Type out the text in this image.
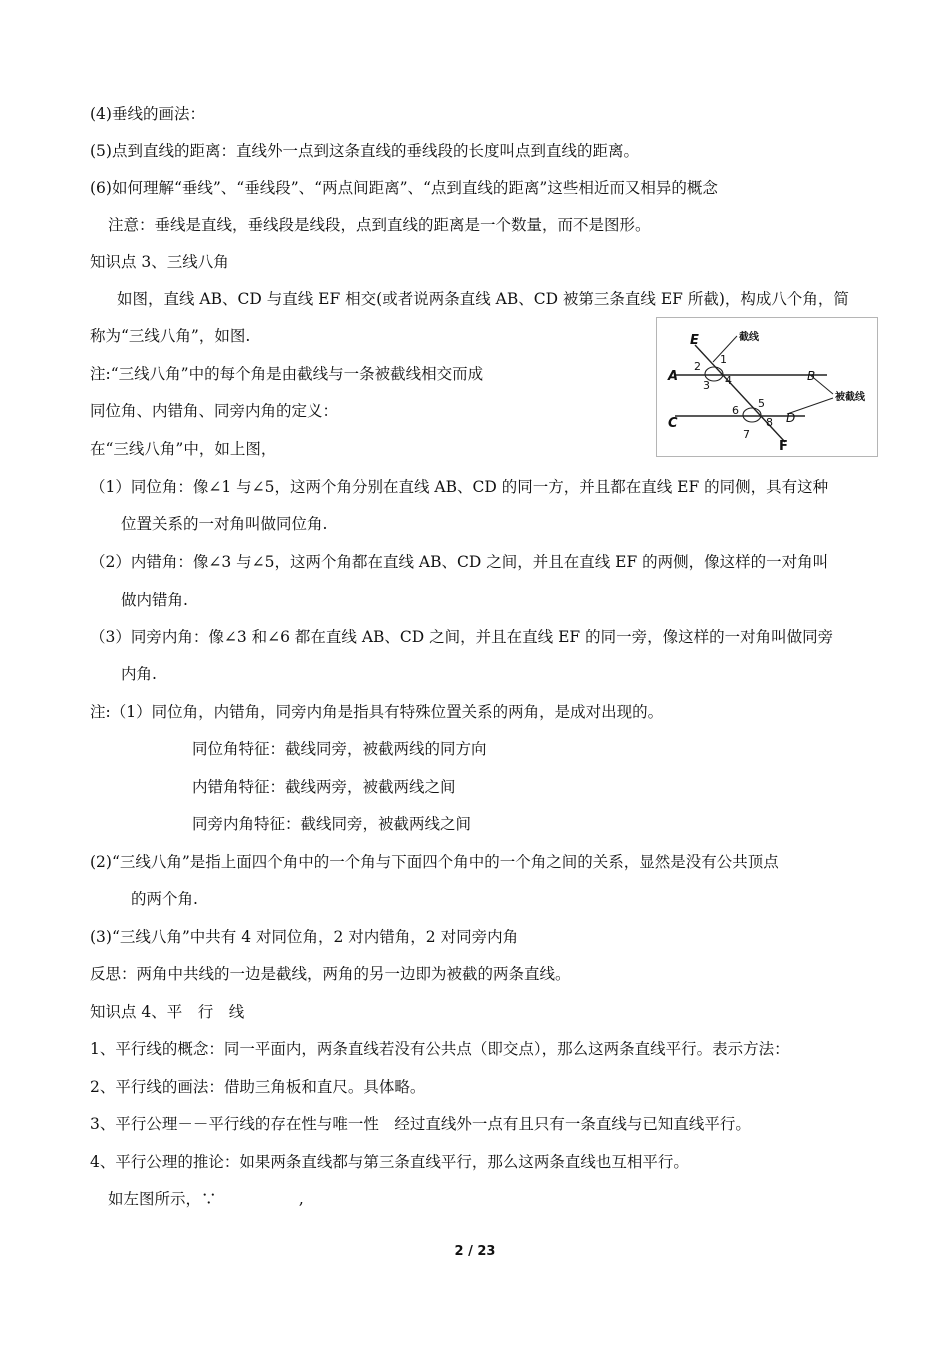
(4)垂线的画法：
(5)点到直线的距离：直线外一点到这条直线的垂线段的长度叫点到直线的距离。
(6)如何理解“垂线”、“垂线段”、“两点间距离”、“点到直线的距离”这些相近而又相异的概念
注意：垂线是直线，垂线段是线段，点到直线的距离是一个数量，而不是图形。
知识点 3、三线八角
如图，直线 AB、CD 与直线 EF 相交(或者说两条直线 AB、CD 被第三条直线 EF 所截)，构成八个角，简
称为“三线八角”，如图.
注:“三线八角”中的每个角是由截线与一条被截线相交而成
同位角、内错角、同旁内角的定义：
在“三线八角”中，如上图，
（1）同位角：像∠1 与∠5，这两个角分别在直线 AB、CD 的同一方，并且都在直线 EF 的同侧，具有这种
位置关系的一对角叫做同位角.
（2）内错角：像∠3 与∠5，这两个角都在直线 AB、CD 之间，并且在直线 EF 的两侧，像这样的一对角叫
做内错角.
（3）同旁内角：像∠3 和∠6 都在直线 AB、CD 之间，并且在直线 EF 的同一旁，像这样的一对角叫做同旁
内角.
注:（1）同位角，内错角，同旁内角是指具有特殊位置关系的两角，是成对出现的。
同位角特征：截线同旁，被截两线的同方向
内错角特征：截线两旁，被截两线之间
同旁内角特征：截线同旁，被截两线之间
(2)“三线八角”是指上面四个角中的一个角与下面四个角中的一个角之间的关系，显然是没有公共顶点
的两个角.
(3)“三线八角”中共有 4 对同位角，2 对内错角，2 对同旁内角
反思：两角中共线的一边是截线，两角的另一边即为被截的两条直线。
知识点 4、平　行　线
1、平行线的概念：同一平面内，两条直线若没有公共点（即交点），那么这两条直线平行。表示方法：
2、平行线的画法：借助三角板和直尺。具体略。
3、平行公理－－平行线的存在性与唯一性　经过直线外一点有且只有一条直线与已知直线平行。
4、平行公理的推论：如果两条直线都与第三条直线平行，那么这两条直线也互相平行。
如左图所示，∵　　　　　 ,
E
A	B
C	D
F
1
2
3 4
5
6
7
8
截线
被截线
2 / 23
